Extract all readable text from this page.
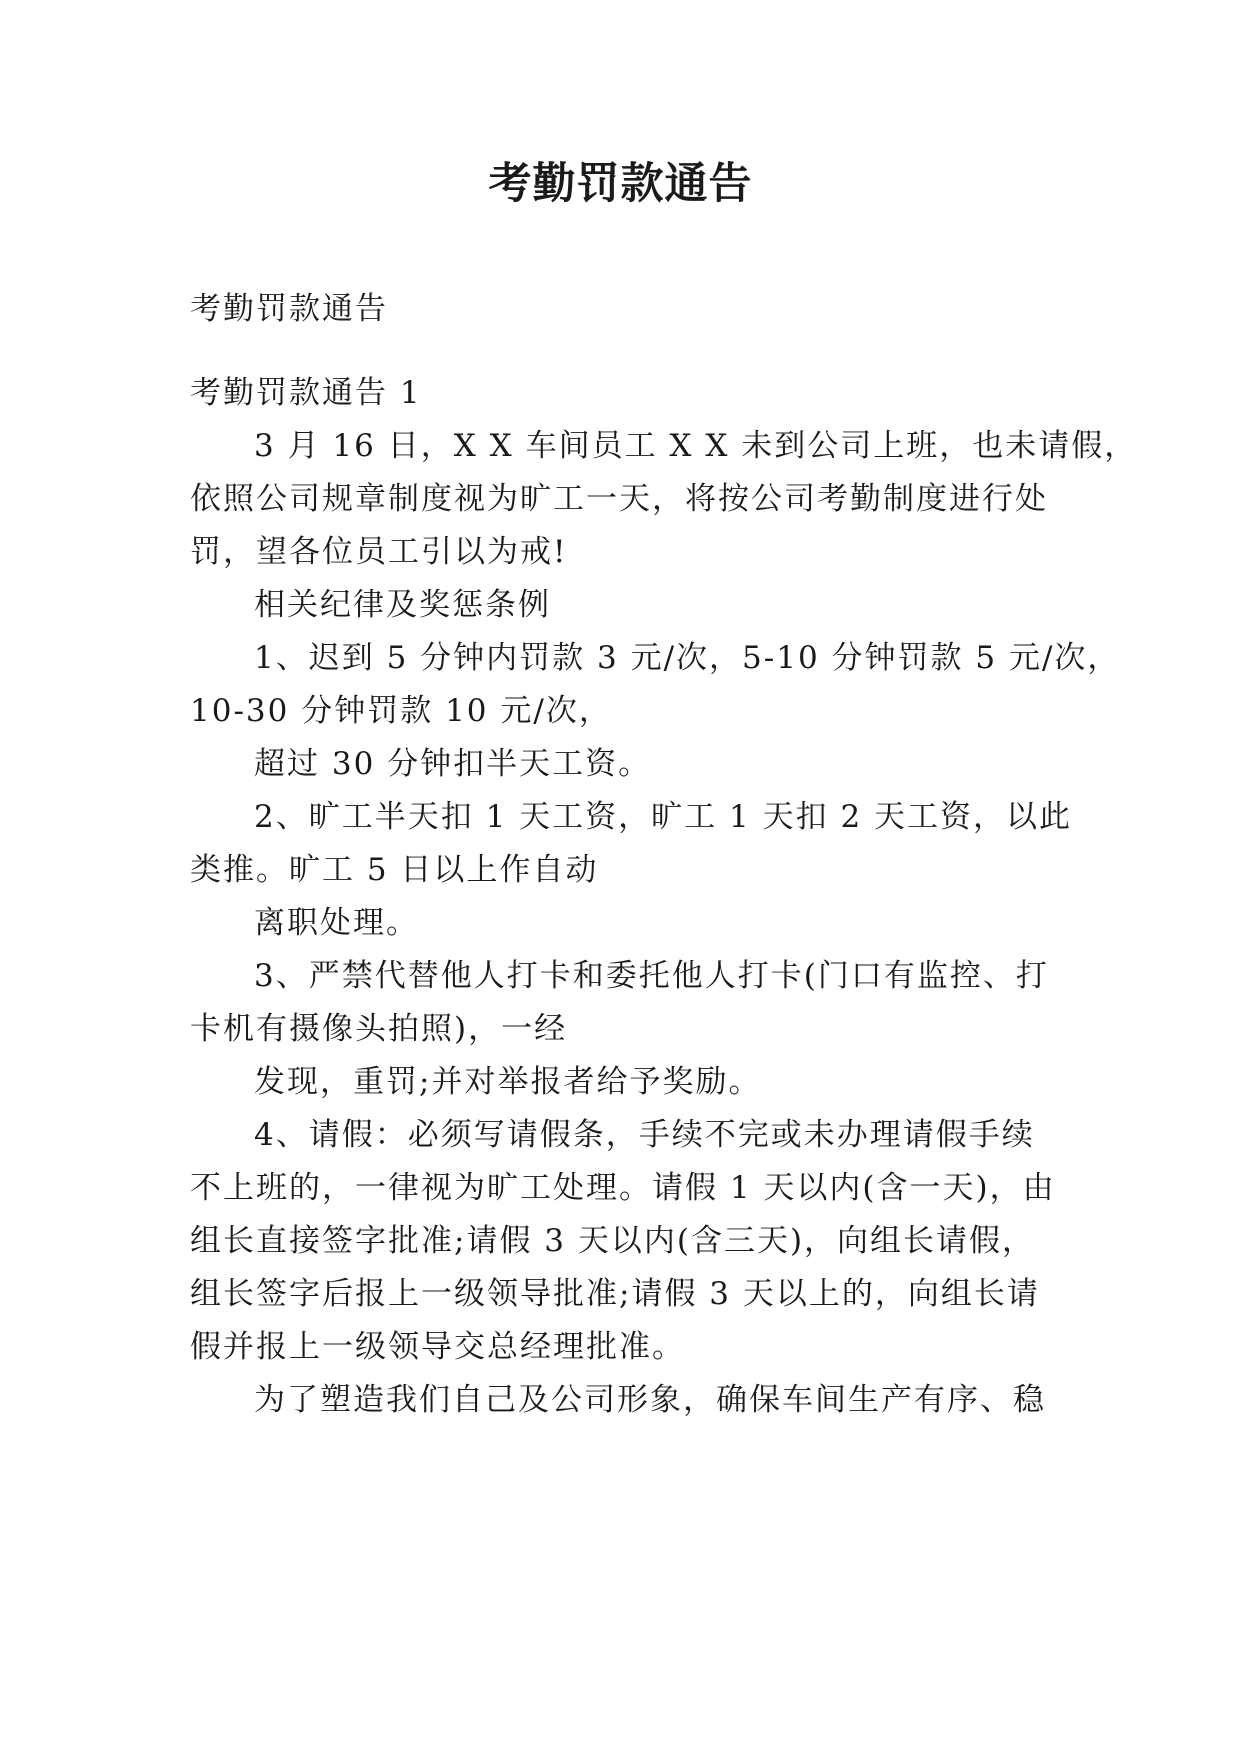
考勤罚款通告
考勤罚款通告
考勤罚款通告 1
3 月 16 日，X X 车间员工 X X 未到公司上班，也未请假，
依照公司规章制度视为旷工一天，将按公司考勤制度进行处
罚，望各位员工引以为戒!
相关纪律及奖惩条例
1、迟到 5 分钟内罚款 3 元/次，5-10 分钟罚款 5 元/次，
10-30 分钟罚款 10 元/次，
超过 30 分钟扣半天工资。
2、旷工半天扣 1 天工资，旷工 1 天扣 2 天工资，以此
类推。旷工 5 日以上作自动
离职处理。
3、严禁代替他人打卡和委托他人打卡(门口有监控、打
卡机有摄像头拍照)，一经
发现，重罚;并对举报者给予奖励。
4、请假：必须写请假条，手续不完或未办理请假手续
不上班的，一律视为旷工处理。请假 1 天以内(含一天)，由
组长直接签字批准;请假 3 天以内(含三天)，向组长请假，
组长签字后报上一级领导批准;请假 3 天以上的，向组长请
假并报上一级领导交总经理批准。
为了塑造我们自己及公司形象，确保车间生产有序、稳
